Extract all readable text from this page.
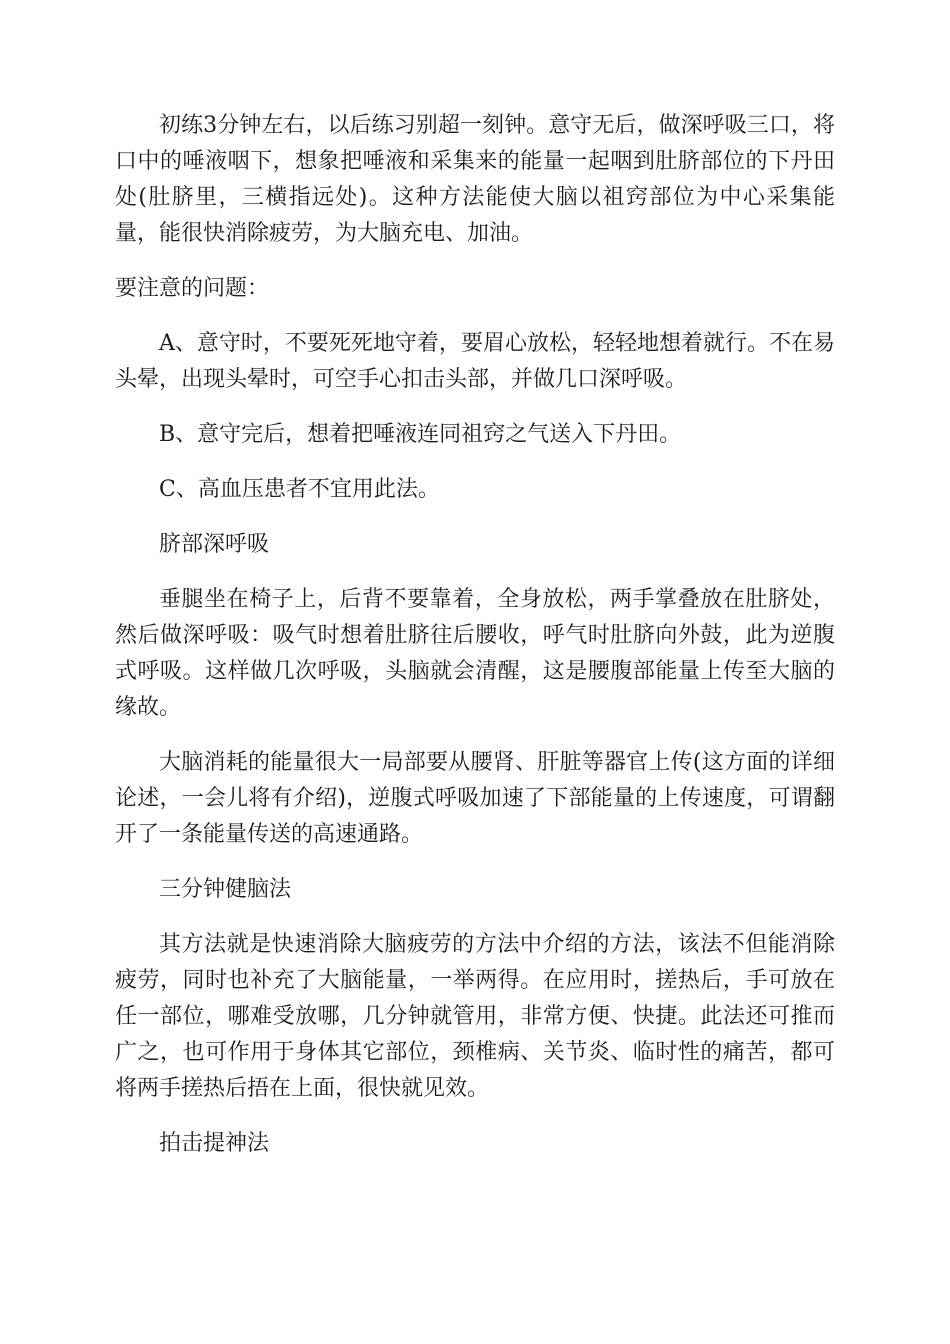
初练3分钟左右，以后练习别超一刻钟。意守无后，做深呼吸三口，将口中的唾液咽下，想象把唾液和采集来的能量一起咽到肚脐部位的下丹田处(肚脐里，三横指远处)。这种方法能使大脑以祖窍部位为中心采集能量，能很快消除疲劳，为大脑充电、加油。

要注意的问题：

A、意守时，不要死死地守着，要眉心放松，轻轻地想着就行。不在易头晕，出现头晕时，可空手心扣击头部，并做几口深呼吸。

B、意守完后，想着把唾液连同祖窍之气送入下丹田。

C、高血压患者不宜用此法。

脐部深呼吸

垂腿坐在椅子上，后背不要靠着，全身放松，两手掌叠放在肚脐处，然后做深呼吸：吸气时想着肚脐往后腰收，呼气时肚脐向外鼓，此为逆腹式呼吸。这样做几次呼吸，头脑就会清醒，这是腰腹部能量上传至大脑的缘故。

大脑消耗的能量很大一局部要从腰肾、肝脏等器官上传(这方面的详细论述，一会儿将有介绍)，逆腹式呼吸加速了下部能量的上传速度，可谓翻开了一条能量传送的高速通路。

三分钟健脑法

其方法就是快速消除大脑疲劳的方法中介绍的方法，该法不但能消除疲劳，同时也补充了大脑能量，一举两得。在应用时，搓热后，手可放在任一部位，哪难受放哪，几分钟就管用，非常方便、快捷。此法还可推而广之，也可作用于身体其它部位，颈椎病、关节炎、临时性的痛苦，都可将两手搓热后捂在上面，很快就见效。

拍击提神法
